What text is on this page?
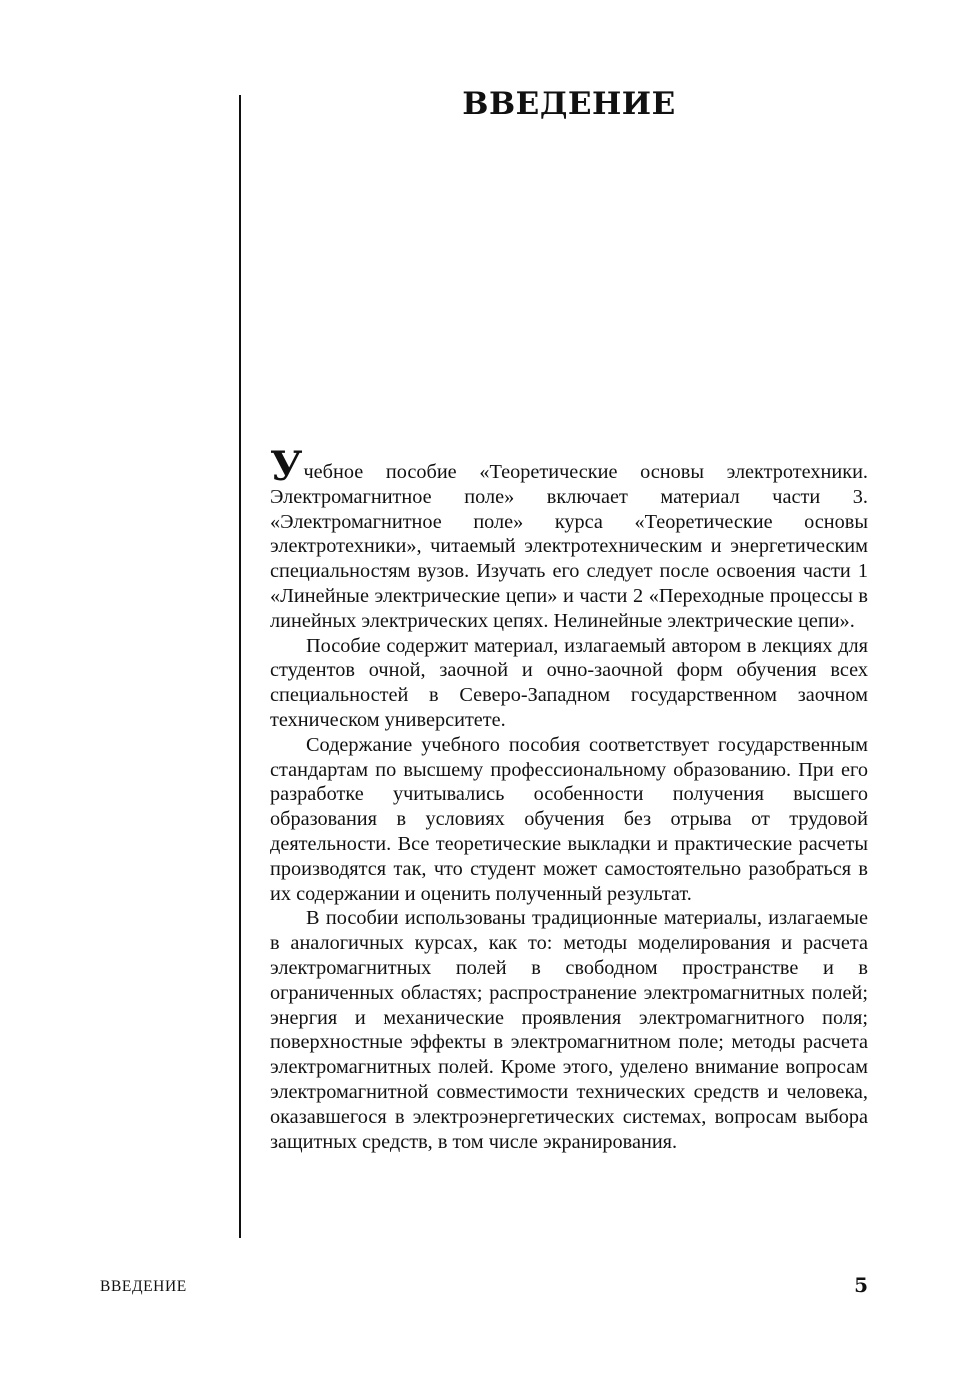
ВВЕДЕНИЕ

Учебное пособие «Теоретические основы электротехники. Электромагнитное поле» включает материал части 3. «Электромагнитное поле» курса «Теоретические основы электротехники», читаемый электротехническим и энергетическим специальностям вузов. Изучать его следует после освоения части 1 «Линейные электрические цепи» и части 2 «Переходные процессы в линейных электрических цепях. Нелинейные электрические цепи».

Пособие содержит материал, излагаемый автором в лекциях для студентов очной, заочной и очно-заочной форм обучения всех специальностей в Северо-Западном государственном заочном техническом университете.

Содержание учебного пособия соответствует государственным стандартам по высшему профессиональному образованию. При его разработке учитывались особенности получения высшего образования в условиях обучения без отрыва от трудовой деятельности. Все теоретические выкладки и практические расчеты производятся так, что студент может самостоятельно разобраться в их содержании и оценить полученный результат.

В пособии использованы традиционные материалы, излагаемые в аналогичных курсах, как то: методы моделирования и расчета электромагнитных полей в свободном пространстве и в ограниченных областях; распространение электромагнитных полей; энергия и механические проявления электромагнитного поля; поверхностные эффекты в электромагнитном поле; методы расчета электромагнитных полей. Кроме этого, уделено внимание вопросам электромагнитной совместимости технических средств и человека, оказавшегося в электроэнергетических системах, вопросам выбора защитных средств, в том числе экранирования.

ВВЕДЕНИЕ	5
